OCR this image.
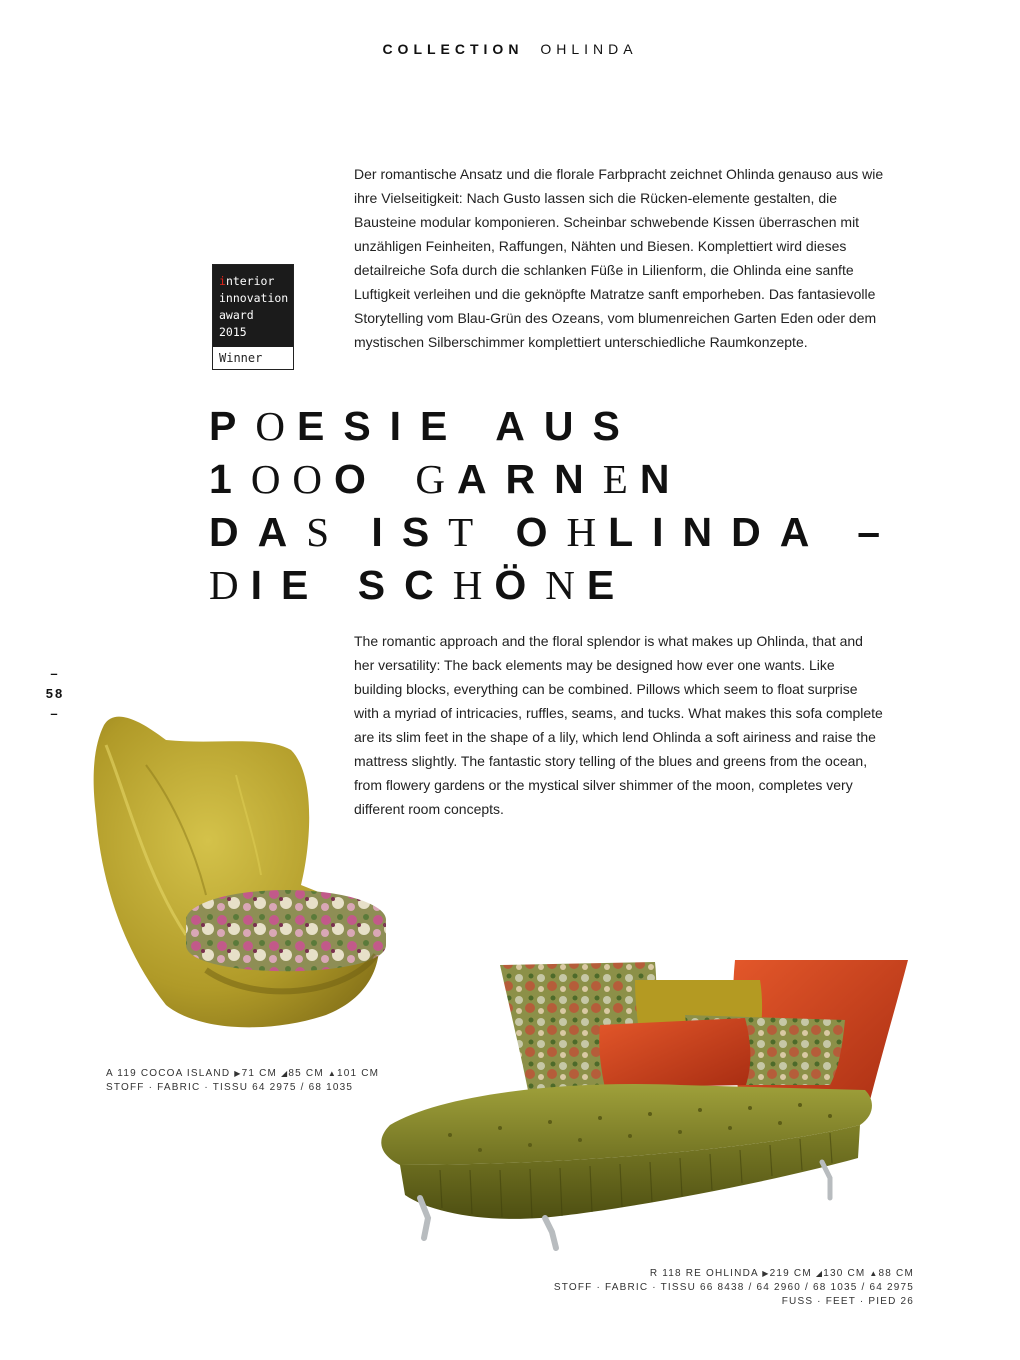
COLLECTION OHLINDA
interior
innovation
award
2015
Winner
Der romantische Ansatz und die florale Farbpracht zeichnet Ohlinda genauso aus wie ihre Vielseitigkeit: Nach Gusto lassen sich die Rücken-elemente gestalten, die Bausteine modular komponieren. Scheinbar schwebende Kissen überraschen mit unzähligen Feinheiten, Raffungen, Nähten und Biesen. Komplettiert wird dieses detailreiche Sofa durch die schlanken Füße in Lilienform, die Ohlinda eine sanfte Luftigkeit verleihen und die geknöpfte Matratze sanft emporheben. Das fantasievolle Storytelling vom Blau-Grün des Ozeans, vom blumenreichen Garten Eden oder dem mystischen Silberschimmer komplettiert unterschiedliche Raumkonzepte.
POESIE AUS
1OOO GARNEN
DAS IST OHLINDA –
DIE SCHÖNE
–
58
–
The romantic approach and the floral splendor is what makes up Ohlinda, that and her versatility: The back elements may be designed how ever one wants. Like building blocks, everything can be combined. Pillows which seem to float surprise with a myriad of intricacies, ruffles, seams, and tucks. What makes this sofa complete are its slim feet in the shape of a lily, which lend Ohlinda a soft airiness and raise the mattress slightly. The fantastic story telling of the blues and greens from the ocean, from flowery gardens or the mystical silver shimmer of the moon, completes very different room concepts.
A 119 COCOA ISLAND ▶71 CM ◢85 CM ▲101 CM
STOFF · FABRIC · TISSU 64 2975 / 68 1035
R 118 RE OHLINDA ▶219 CM ◢130 CM ▲88 CM
STOFF · FABRIC · TISSU 66 8438 / 64 2960 / 68 1035 / 64 2975
FUSS · FEET · PIED 26
